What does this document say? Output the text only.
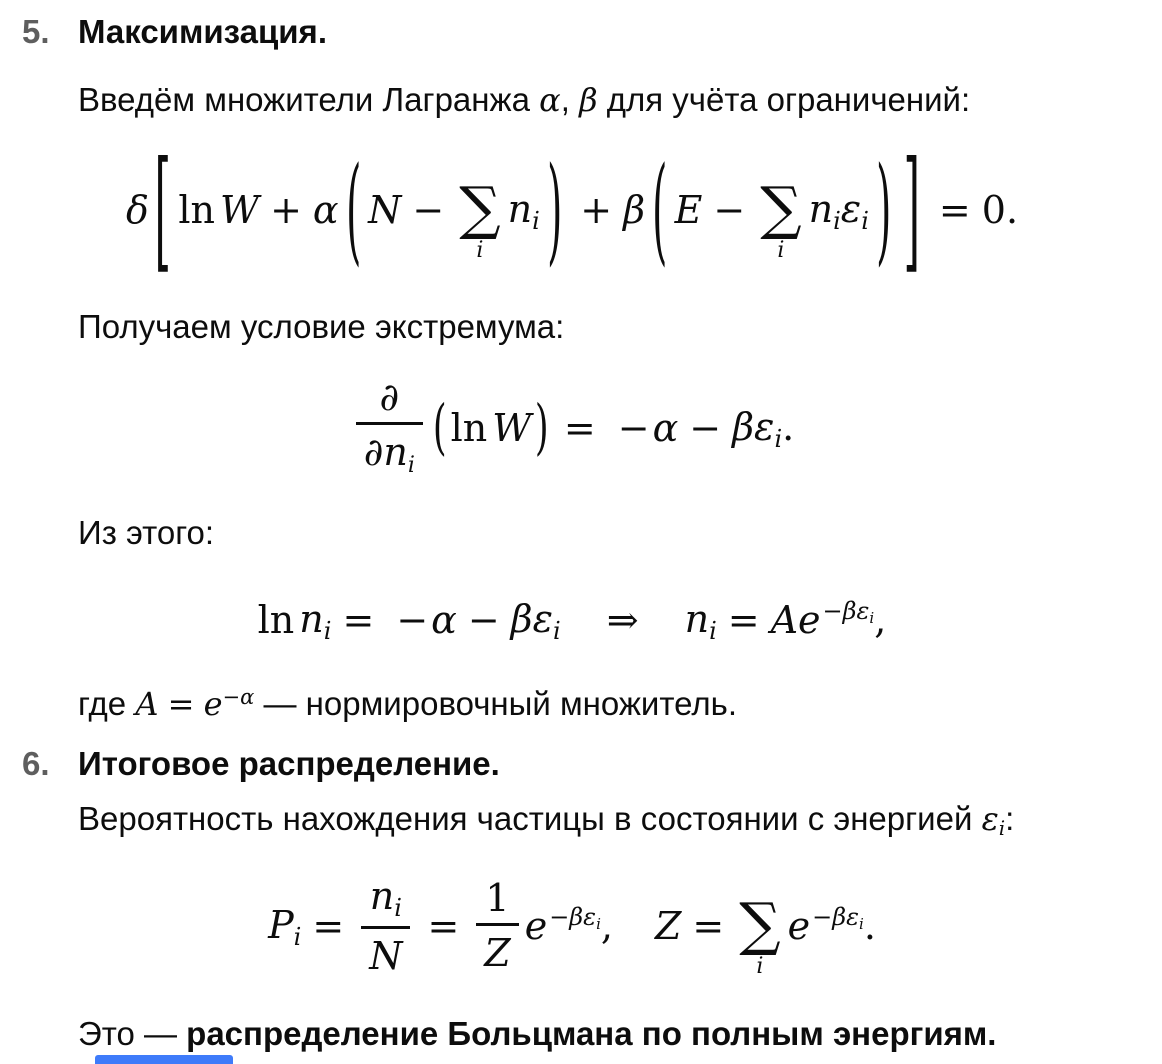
5. Максимизация.

Введём множители Лагранжа α, β для учёта ограничений:

δ [ ln W + α ( N − ∑
i
$n_i$ ) + β ( E − ∑
i
$n_i\varepsilon_i$ ) ] = 0.

Получаем условие экстремума:

$\frac{\partial}{\partial n_i}$ ( ln W ) = − $\alpha - \beta\varepsilon_i$.

Из этого:

$\ln n_i$ = − $\alpha - \beta\varepsilon_i$ ⇒ $n_i = Ae^{-\beta\varepsilon_i}$,

где $A = e^{-\alpha}$ — нормировочный множитель.

6. Итоговое распределение.

Вероятность нахождения частицы в состоянии с энергией $\varepsilon_i$:

$P_i = \frac{n_i}{N} = \frac{1}{Z} e^{-\beta\varepsilon_i}$, Z = ∑
i
$e^{-\beta\varepsilon_i}$.

Это — распределение Больцмана по полным энергиям.
